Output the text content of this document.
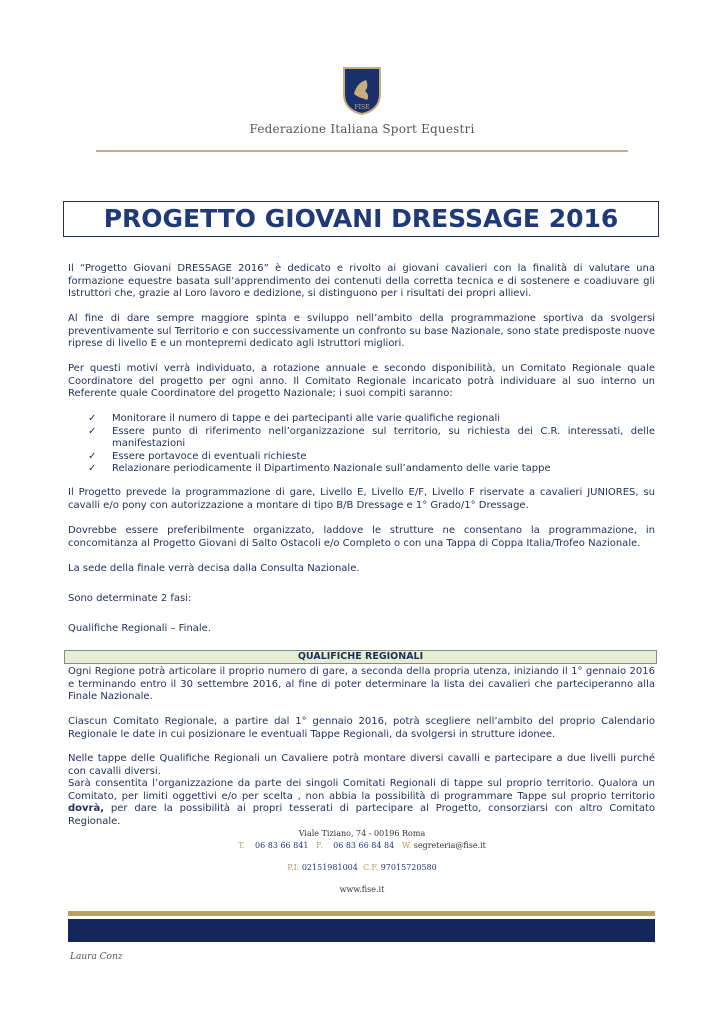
FISE
Federazione Italiana Sport Equestri
PROGETTO GIOVANI DRESSAGE 2016

Il “Progetto Giovani DRESSAGE 2016” è dedicato e rivolto ai giovani cavalieri con la finalità di valutare una formazione equestre basata sull’apprendimento dei contenuti della corretta tecnica e di sostenere e coadiuvare gli Istruttori che, grazie al Loro lavoro e dedizione, si distinguono per i risultati dei propri allievi.

Al fine di dare sempre maggiore spinta e sviluppo nell’ambito della programmazione sportiva da svolgersi preventivamente sul Territorio e con successivamente un confronto su base Nazionale, sono state predisposte nuove riprese di livello E e un montepremi dedicato agli Istruttori migliori.

Per questi motivi verrà individuato, a rotazione annuale e secondo disponibilità, un Comitato Regionale quale Coordinatore del progetto per ogni anno. Il Comitato Regionale incaricato potrà individuare al suo interno un Referente quale Coordinatore del progetto Nazionale; i suoi compiti saranno:

✓ Monitorare il numero di tappe e dei partecipanti alle varie qualifiche regionali
✓ Essere punto di riferimento nell’organizzazione sul territorio, su richiesta dei C.R. interessati, delle manifestazioni
✓ Essere portavoce di eventuali richieste
✓ Relazionare periodicamente il Dipartimento Nazionale sull’andamento delle varie tappe

Il Progetto prevede la programmazione di gare, Livello E, Livello E/F, Livello F riservate a cavalieri JUNIORES, su cavalli e/o pony con autorizzazione a montare di tipo B/B Dressage e 1° Grado/1° Dressage.

Dovrebbe essere preferibilmente organizzato, laddove le strutture ne consentano la programmazione, in concomitanza al Progetto Giovani di Salto Ostacoli e/o Completo o con una Tappa di Coppa Italia/Trofeo Nazionale.

La sede della finale verrà decisa dalla Consulta Nazionale.

Sono determinate 2 fasi:

Qualifiche Regionali – Finale.

QUALIFICHE REGIONALI

Ogni Regione potrà articolare il proprio numero di gare, a seconda della propria utenza, iniziando il 1° gennaio 2016 e terminando entro il 30 settembre 2016, al fine di poter determinare la lista dei cavalieri che parteciperanno alla Finale Nazionale.

Ciascun Comitato Regionale, a partire dal 1° gennaio 2016, potrà scegliere nell’ambito del proprio Calendario Regionale le date in cui posizionare le eventuali Tappe Regionali, da svolgersi in strutture idonee.

Nelle tappe delle Qualifiche Regionali un Cavaliere potrà montare diversi cavalli e partecipare a due livelli purché con cavalli diversi.

Sarà consentita l’organizzazione da parte dei singoli Comitati Regionali di tappe sul proprio territorio. Qualora un Comitato, per limiti oggettivi e/o per scelta , non abbia la possibilità di programmare Tappe sul proprio territorio dovrà, per dare la possibilità ai propri tesserati di partecipare al Progetto, consorziarsi con altro Comitato Regionale.

Viale Tiziano, 74 - 00196 Roma
T. 06 83 66 841 F. 06 83 66 84 84 W. segreteria@fise.it
P.I. 02151981004 C.F. 97015720580
www.fise.it
Laura Conz
